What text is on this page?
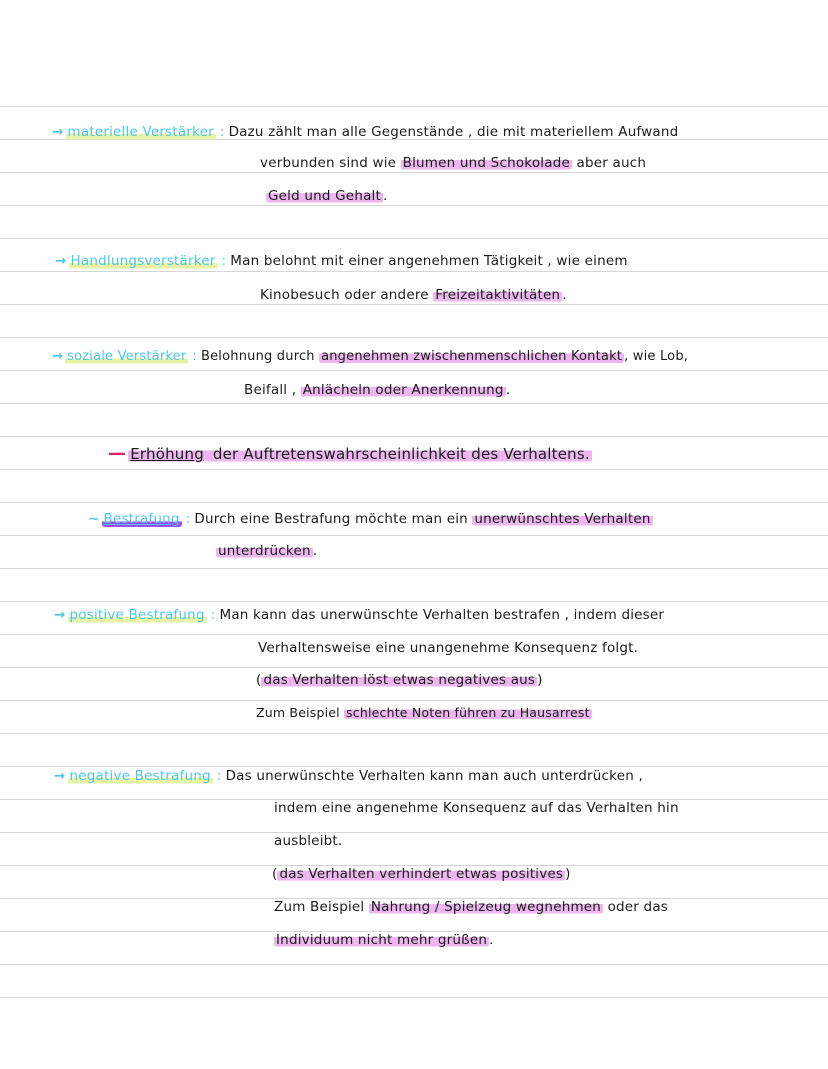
→ materielle Verstärker : Dazu zählt man alle Gegenstände , die mit materiellem Aufwand
verbunden sind wie Blumen und Schokolade aber auch
Geld und Gehalt .
→ Handlungsverstärker : Man belohnt mit einer angenehmen Tätigkeit , wie einem
Kinobesuch oder andere Freizeitaktivitäten .
→ soziale Verstärker : Belohnung durch angenehmen zwischenmenschlichen Kontakt , wie Lob,
Beifall , Anlächeln oder Anerkennung .
— Erhöhung der Auftretenswahrscheinlichkeit des Verhaltens.
~ Bestrafung : Durch eine Bestrafung möchte man ein unerwünschtes Verhalten
unterdrücken .
→ positive Bestrafung : Man kann das unerwünschte Verhalten bestrafen , indem dieser
Verhaltensweise eine unangenehme Konsequenz folgt.
( das Verhalten löst etwas negatives aus )
Zum Beispiel schlechte Noten führen zu Hausarrest
→ negative Bestrafung : Das unerwünschte Verhalten kann man auch unterdrücken ,
indem eine angenehme Konsequenz auf das Verhalten hin
ausbleibt.
( das Verhalten verhindert etwas positives )
Zum Beispiel Nahrung / Spielzeug wegnehmen oder das
Individuum nicht mehr grüßen .
